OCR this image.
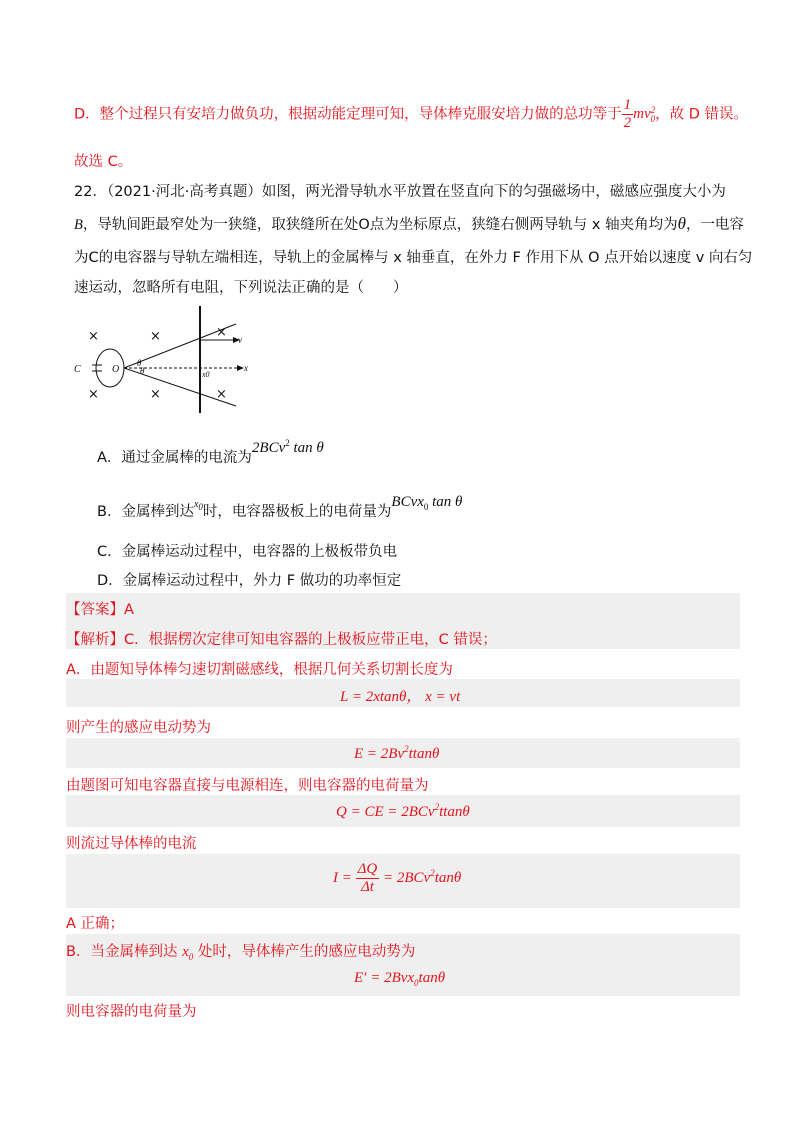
D．整个过程只有安培力做负功，根据动能定理可知，导体棒克服安培力做的总功等于 $\frac{1}{2}$ mv 2
0 ，故 D 错误。
故选 C。
22．（2021·河北·高考真题）如图，两光滑导轨水平放置在竖直向下的匀强磁场中，磁感应强度大小为
B，导轨间距最窄处为一狭缝，取狭缝所在处O点为坐标原点，狭缝右侧两导轨与 x 轴夹角均为θ，一电容
为C的电容器与导轨左端相连，导轨上的金属棒与 x 轴垂直，在外力 F 作用下从 O 点开始以速度 v 向右匀
速运动，忽略所有电阻，下列说法正确的是（　　）
C	O
θ
θ
v
x
x0
×	×	×
×	×	×
A．通过金属棒的电流为2BCv$^2$ tan θ
B．金属棒到达$^{x0}$时，电容器极板上的电荷量为BCvx$_0$ tan θ
C．金属棒运动过程中，电容器的上极板带负电
D．金属棒运动过程中，外力 F 做功的功率恒定
【答案】A
【解析】C．根据楞次定律可知电容器的上极板应带正电，C 错误；
A．由题知导体棒匀速切割磁感线，根据几何关系切割长度为
L = 2xtanθ， x = vt
则产生的感应电动势为
$E = 2Bv^2ttan\theta$
由题图可知电容器直接与电源相连，则电容器的电荷量为
Q = CE = 2BCv$^2$ttanθ
则流过导体棒的电流
$I = \frac{\Delta Q}{\Delta t} = 2BCv^2\tan\theta$
A 正确；
B．当金属棒到达 $x_0$ 处时，导体棒产生的感应电动势为
E′ = 2Bvx$_0$tanθ
则电容器的电荷量为
